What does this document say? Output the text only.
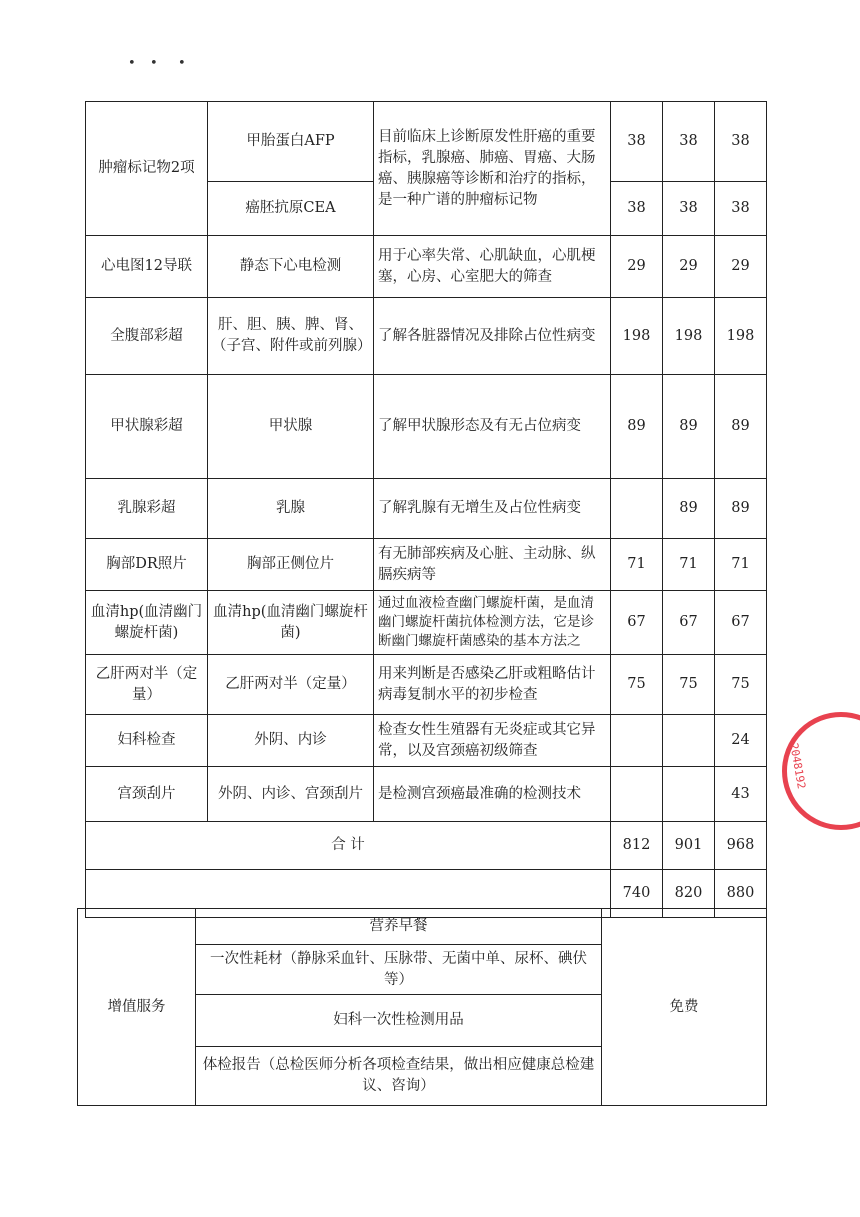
• • •
肿瘤标记物2项	甲胎蛋白AFP	目前临床上诊断原发性肝癌的重要指标，乳腺癌、肺癌、胃癌、大肠癌、胰腺癌等诊断和治疗的指标，是一种广谱的肿瘤标记物	38	38	38
	癌胚抗原CEA		38	38	38
心电图12导联	静态下心电检测	用于心率失常、心肌缺血，心肌梗塞，心房、心室肥大的筛查	29	29	29
全腹部彩超	肝、胆、胰、脾、肾、（子宫、附件或前列腺）	了解各脏器情况及排除占位性病变	198	198	198
甲状腺彩超	甲状腺	了解甲状腺形态及有无占位病变	89	89	89
乳腺彩超	乳腺	了解乳腺有无增生及占位性病变		89	89
胸部DR照片	胸部正侧位片	有无肺部疾病及心脏、主动脉、纵膈疾病等	71	71	71
血清hp(血清幽门螺旋杆菌)	血清hp(血清幽门螺旋杆菌)	通过血液检查幽门螺旋杆菌，是血清幽门螺旋杆菌抗体检测方法，它是诊断幽门螺旋杆菌感染的基本方法之	67	67	67
乙肝两对半（定量）	乙肝两对半（定量）	用来判断是否感染乙肝或粗略估计病毒复制水平的初步检查	75	75	75
妇科检查	外阴、内诊	检查女性生殖器有无炎症或其它异常，以及宫颈癌初级筛查			24
宫颈刮片	外阴、内诊、宫颈刮片	是检测宫颈癌最准确的检测技术			43
合 计			812	901	968
			740	820	880
增值服务	营养早餐	免费
一次性耗材（静脉采血针、压脉带、无菌中单、尿杯、碘伏等）
妇科一次性检测用品
体检报告（总检医师分析各项检查结果，做出相应健康总检建议、咨询）
2048192
